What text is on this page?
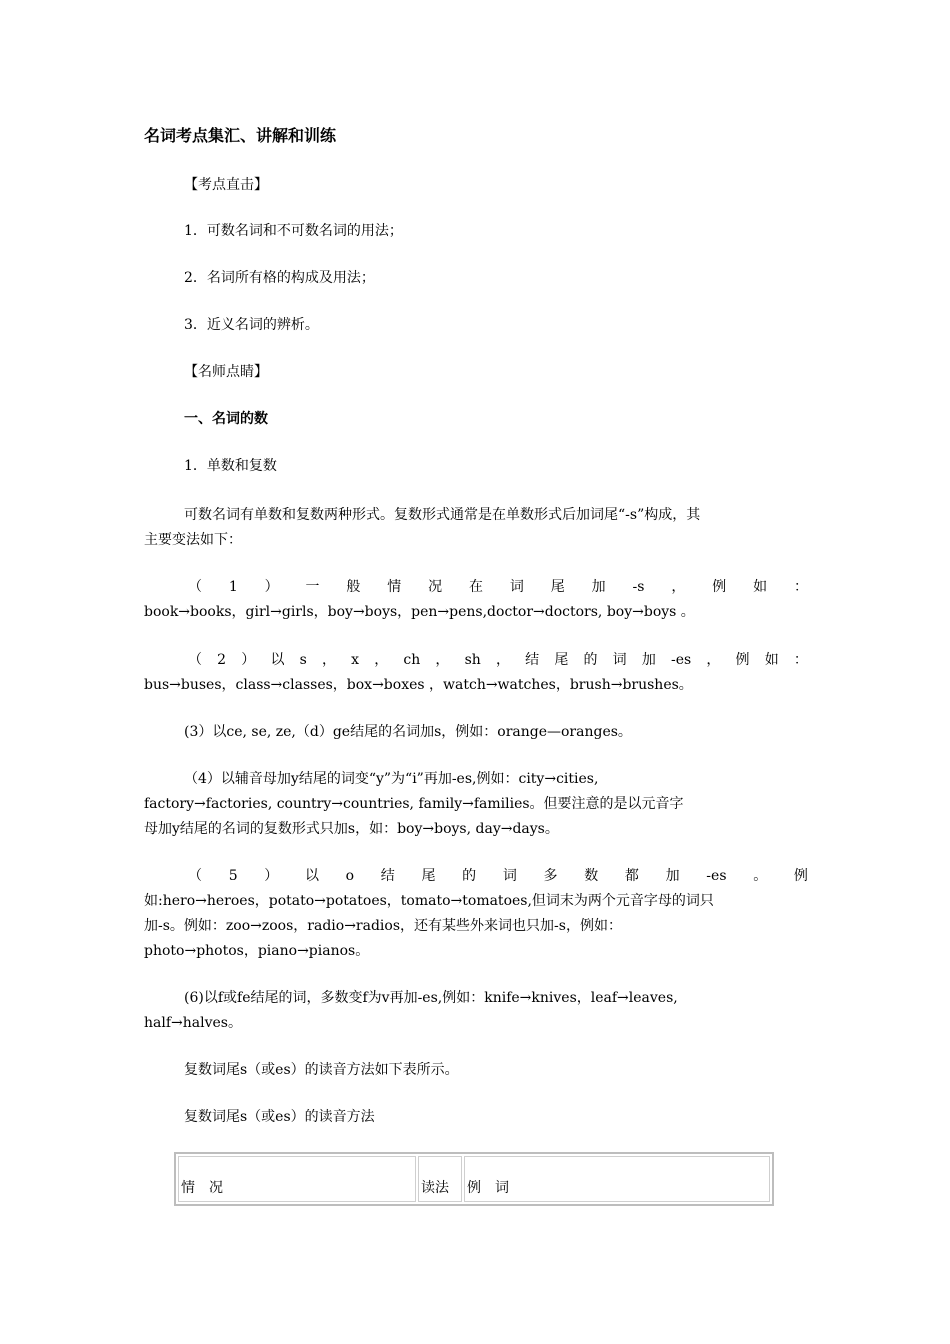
名词考点集汇、讲解和训练
【考点直击】
1．可数名词和不可数名词的用法；
2．名词所有格的构成及用法；
3．近义名词的辨析。
【名师点睛】
一、名词的数
1．单数和复数
可数名词有单数和复数两种形式。复数形式通常是在单数形式后加词尾“-s”构成，其
主要变法如下：
（ 1 ） 一 般 情 况 在 词 尾 加 -s ， 例 如 ：
book→books，girl→girls，boy→boys，pen→pens,doctor→doctors, boy→boys 。
（ 2 ） 以 s ， x ， ch ， sh ， 结 尾 的 词 加 -es ， 例 如 ：
bus→buses，class→classes，box→boxes ，watch→watches，brush→brushes。
(3）以ce, se, ze,（d）ge结尾的名词加s，例如：orange—oranges。
（4）以辅音母加y结尾的词变“y”为“i”再加-es,例如：city→cities,
factory→factories, country→countries, family→families。但要注意的是以元音字
母加y结尾的名词的复数形式只加s，如：boy→boys, day→days。
（ 5 ） 以 o 结 尾 的 词 多 数 都 加 -es 。 例
如:hero→heroes，potato→potatoes，tomato→tomatoes,但词末为两个元音字母的词只
加-s。例如：zoo→zoos，radio→radios，还有某些外来词也只加-s，例如：
photo→photos，piano→pianos。
(6)以f或fe结尾的词，多数变f为v再加-es,例如：knife→knives，leaf→leaves,
half→halves。
复数词尾s（或es）的读音方法如下表所示。
复数词尾s（或es）的读音方法
情　况	读法	例　词
